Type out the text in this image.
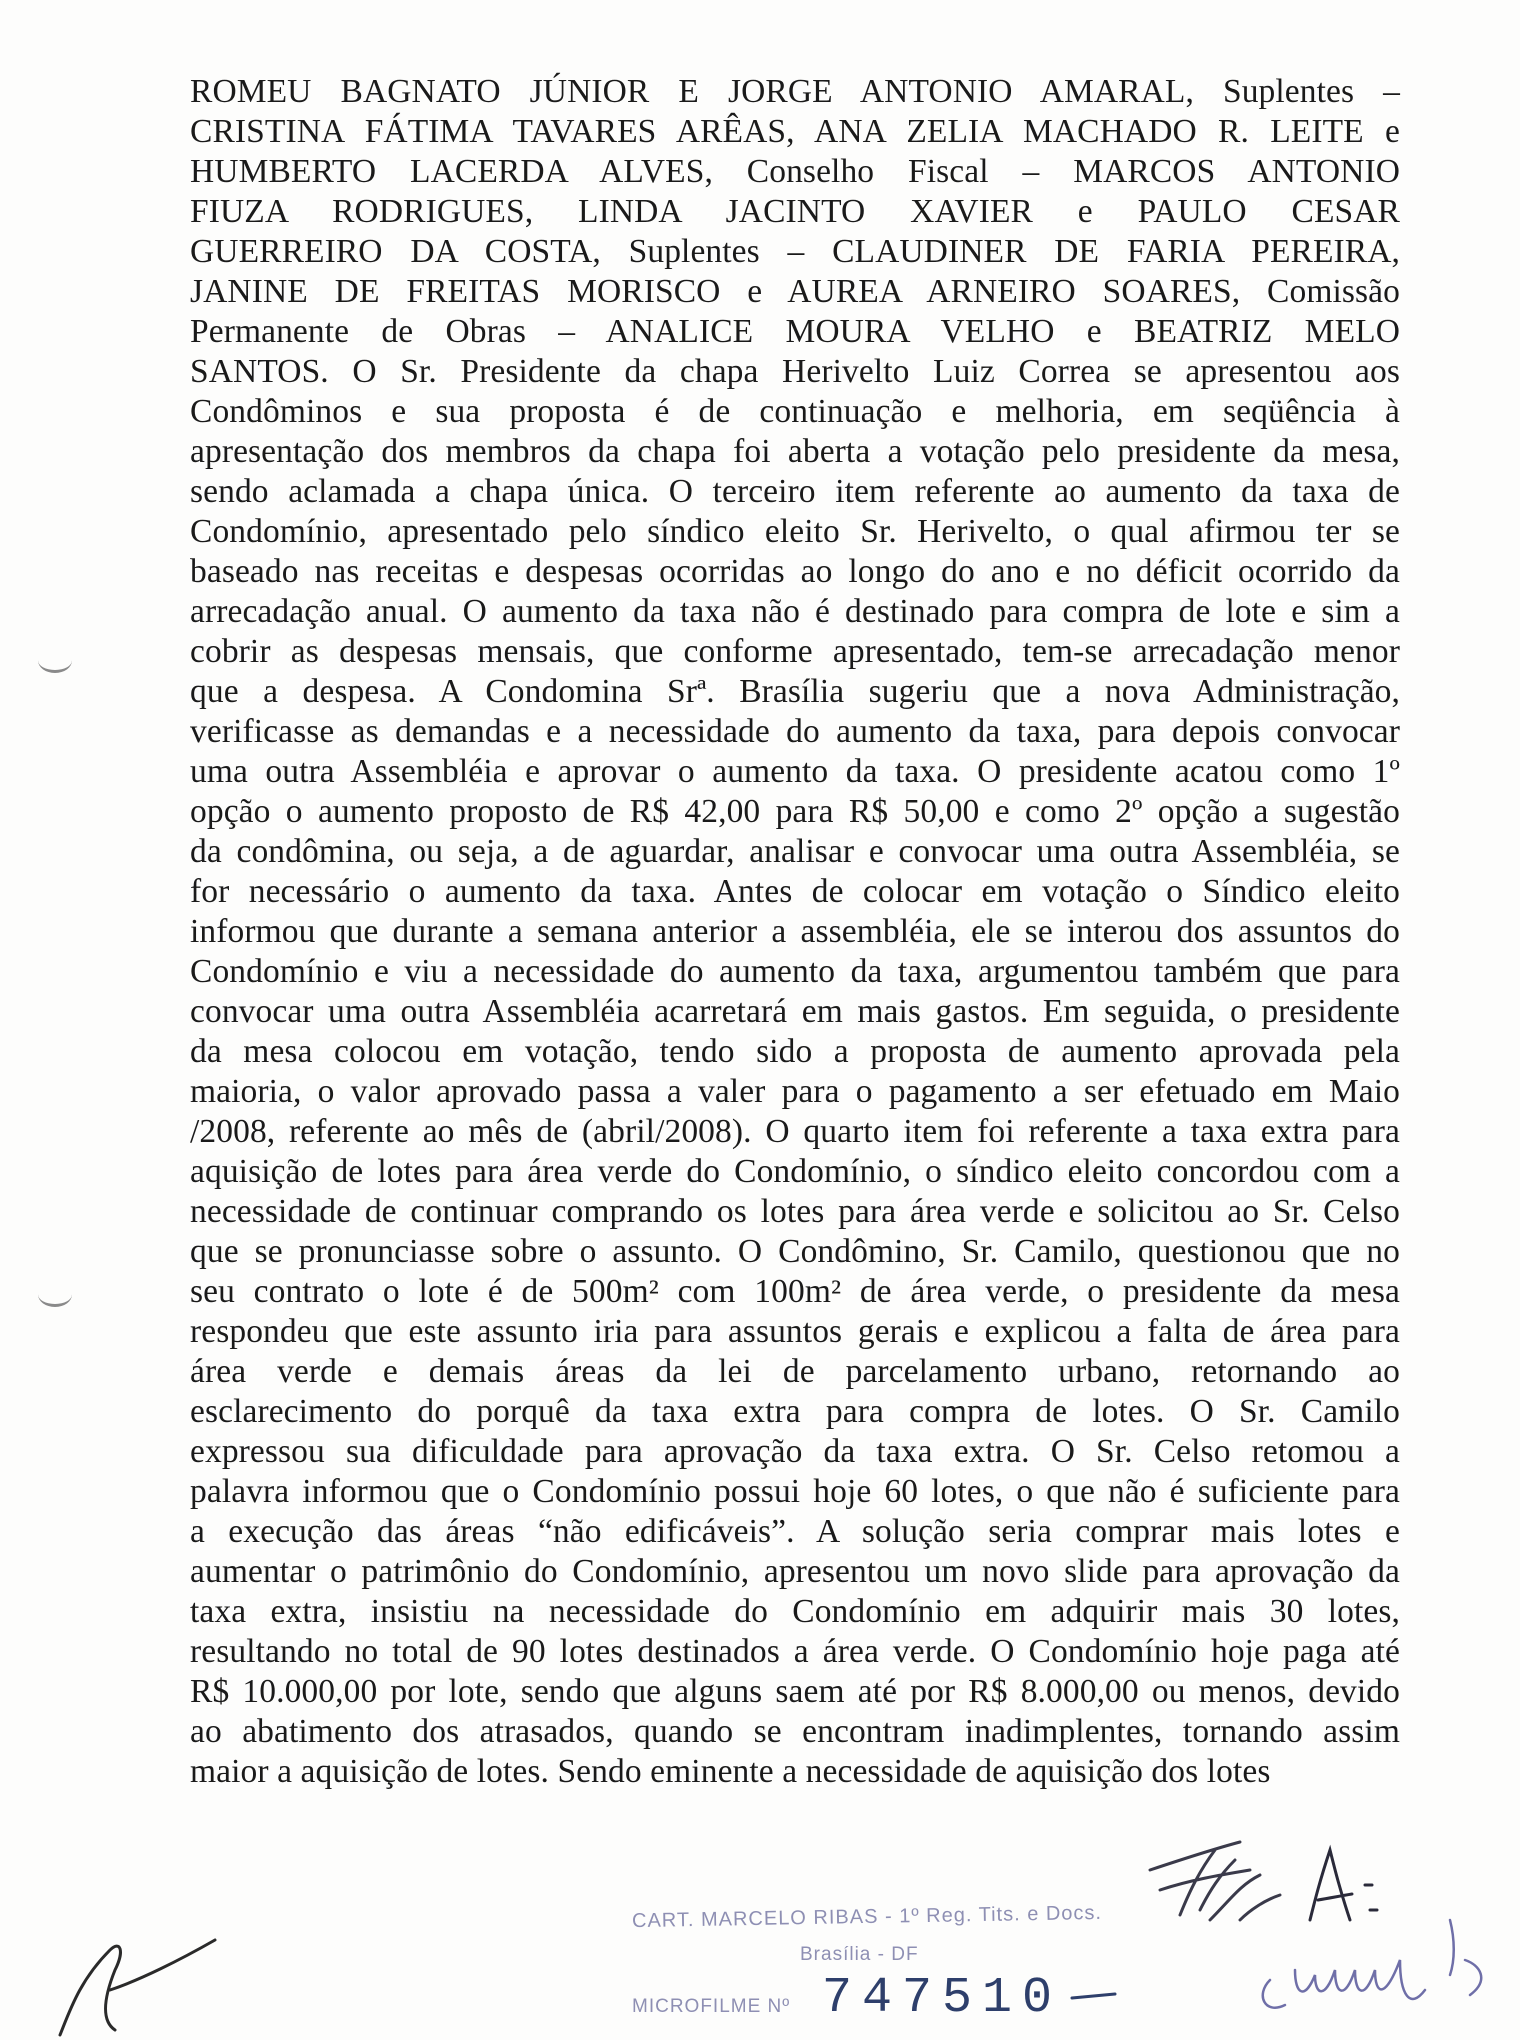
ROMEU BAGNATO JÚNIOR E JORGE ANTONIO AMARAL, Suplentes –
CRISTINA FÁTIMA TAVARES ARÊAS, ANA ZELIA MACHADO R. LEITE e
HUMBERTO LACERDA ALVES, Conselho Fiscal – MARCOS ANTONIO
FIUZA RODRIGUES, LINDA JACINTO XAVIER e PAULO CESAR
GUERREIRO DA COSTA, Suplentes – CLAUDINER DE FARIA PEREIRA,
JANINE DE FREITAS MORISCO e AUREA ARNEIRO SOARES, Comissão
Permanente de Obras – ANALICE MOURA VELHO e BEATRIZ MELO
SANTOS. O Sr. Presidente da chapa Herivelto Luiz Correa se apresentou aos
Condôminos e sua proposta é de continuação e melhoria, em seqüência à
apresentação dos membros da chapa foi aberta a votação pelo presidente da mesa,
sendo aclamada a chapa única. O terceiro item referente ao aumento da taxa de
Condomínio, apresentado pelo síndico eleito Sr. Herivelto, o qual afirmou ter se
baseado nas receitas e despesas ocorridas ao longo do ano e no déficit ocorrido da
arrecadação anual. O aumento da taxa não é destinado para compra de lote e sim a
cobrir as despesas mensais, que conforme apresentado, tem-se arrecadação menor
que a despesa. A Condomina Srª. Brasília sugeriu que a nova Administração,
verificasse as demandas e a necessidade do aumento da taxa, para depois convocar
uma outra Assembléia e aprovar o aumento da taxa. O presidente acatou como 1º
opção o aumento proposto de R$ 42,00 para R$ 50,00 e como 2º opção a sugestão
da condômina, ou seja, a de aguardar, analisar e convocar uma outra Assembléia, se
for necessário o aumento da taxa. Antes de colocar em votação o Síndico eleito
informou que durante a semana anterior a assembléia, ele se interou dos assuntos do
Condomínio e viu a necessidade do aumento da taxa, argumentou também que para
convocar uma outra Assembléia acarretará em mais gastos. Em seguida, o presidente
da mesa colocou em votação, tendo sido a proposta de aumento aprovada pela
maioria, o valor aprovado passa a valer para o pagamento a ser efetuado em Maio
/2008, referente ao mês de (abril/2008). O quarto item foi referente a taxa extra para
aquisição de lotes para área verde do Condomínio, o síndico eleito concordou com a
necessidade de continuar comprando os lotes para área verde e solicitou ao Sr. Celso
que se pronunciasse sobre o assunto. O Condômino, Sr. Camilo, questionou que no
seu contrato o lote é de 500m² com 100m² de área verde, o presidente da mesa
respondeu que este assunto iria para assuntos gerais e explicou a falta de área para
área verde e demais áreas da lei de parcelamento urbano, retornando ao
esclarecimento do porquê da taxa extra para compra de lotes. O Sr. Camilo
expressou sua dificuldade para aprovação da taxa extra. O Sr. Celso retomou a
palavra informou que o Condomínio possui hoje 60 lotes, o que não é suficiente para
a execução das áreas “não edificáveis”. A solução seria comprar mais lotes e
aumentar o patrimônio do Condomínio, apresentou um novo slide para aprovação da
taxa extra, insistiu na necessidade do Condomínio em adquirir mais 30 lotes,
resultando no total de 90 lotes destinados a área verde. O Condomínio hoje paga até
R$ 10.000,00 por lote, sendo que alguns saem até por R$ 8.000,00 ou menos, devido
ao abatimento dos atrasados, quando se encontram inadimplentes, tornando assim
maior a aquisição de lotes. Sendo eminente a necessidade de aquisição dos lotes
CART. MARCELO RIBAS - 1º Reg. Tits. e Docs.
Brasília - DF
MICROFILME Nº 747510
